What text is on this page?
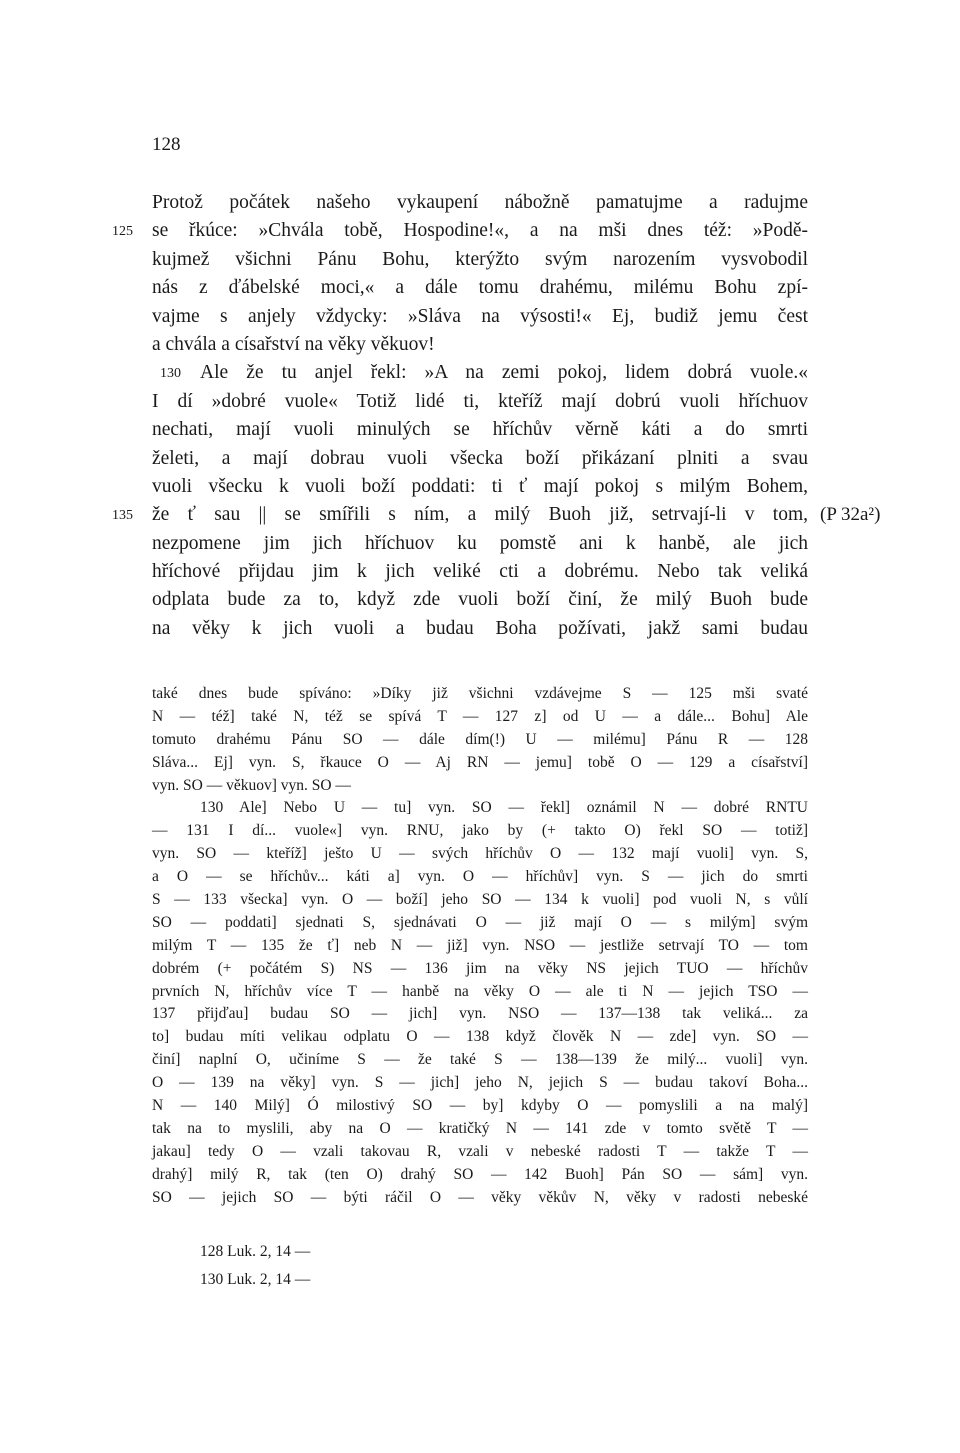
128
Protož počátek našeho vykaupení nábožně pamatujme a radujme
se řkúce: »Chvála tobě, Hospodine!«, a na mši dnes též: »Podě-
125
kujmež všichni Pánu Bohu, kterýžto svým narozením vysvobodil
nás z ďábelské moci,« a dále tomu drahému, milému Bohu zpí-
vajme s anjely vždycky: »Sláva na výsosti!« Ej, budiž jemu čest
a chvála a císařství na věky věkuov!
Ale že tu anjel řekl: »A na zemi pokoj, lidem dobrá vuole.«
130
I dí »dobré vuole« Totiž lidé ti, kteříž mají dobrú vuoli hříchuov
nechati, mají vuoli minulých se hříchův věrně káti a do smrti
želeti, a mají dobrau vuoli všecka boží přikázaní plniti a svau
vuoli všecku k vuoli boží poddati: ti ť mají pokoj s milým Bohem,
že ť sau || se smířili s ním, a milý Buoh již, setrvají-li v tom,
135	(P 32a²)
nezpomene jim jich hříchuov ku pomstě ani k hanbě, ale jich
hříchové přijdau jim k jich veliké cti a dobrému. Nebo tak veliká
odplata bude za to, když zde vuoli boží činí, že milý Buoh bude
na věky k jich vuoli a budau Boha požívati, jakž sami budau
také dnes bude spíváno: »Díky již všichni vzdávejme S — 125 mši svaté
N — též] také N, též se spívá T — 127 z] od U — a dále... Bohu] Ale
tomuto drahému Pánu SO — dále dím(!) U — milému] Pánu R — 128
Sláva... Ej] vyn. S, řkauce O — Aj RN — jemu] tobě O — 129 a císařství]
vyn. SO — věkuov] vyn. SO —
130 Ale] Nebo U — tu] vyn. SO — řekl] oznámil N — dobré RNTU
— 131 I dí... vuole«] vyn. RNU, jako by (+ takto O) řekl SO — totiž]
vyn. SO — kteříž] ješto U — svých hříchův O — 132 mají vuoli] vyn. S,
a O — se hříchův... káti a] vyn. O — hříchův] vyn. S — jich do smrti
S — 133 všecka] vyn. O — boží] jeho SO — 134 k vuoli] pod vuoli N, s vůlí
SO — poddati] sjednati S, sjednávati O — již mají O — s milým] svým
milým T — 135 že ť] neb N — již] vyn. NSO — jestliže setrvají TO — tom
dobrém (+ počátém S) NS — 136 jim na věky NS jejich TUO — hříchův
prvních N, hříchův více T — hanbě na věky O — ale ti N — jejich TSO —
137 přijďau] budau SO — jich] vyn. NSO — 137—138 tak veliká... za
to] budau míti velikau odplatu O — 138 když člověk N — zde] vyn. SO —
činí] naplní O, učiníme S — že také S — 138—139 že milý... vuoli] vyn.
O — 139 na věky] vyn. S — jich] jeho N, jejich S — budau takoví Boha...
N — 140 Milý] Ó milostivý SO — by] kdyby O — pomyslili a na malý]
tak na to myslili, aby na O — kratičký N — 141 zde v tomto světě T —
jakau] tedy O — vzali takovau R, vzali v nebeské radosti T — takže T —
drahý] milý R, tak (ten O) drahý SO — 142 Buoh] Pán SO — sám] vyn.
SO — jejich SO — býti ráčil O — věky věkův N, věky v radosti nebeské
128 Luk. 2, 14 —
130 Luk. 2, 14 —
